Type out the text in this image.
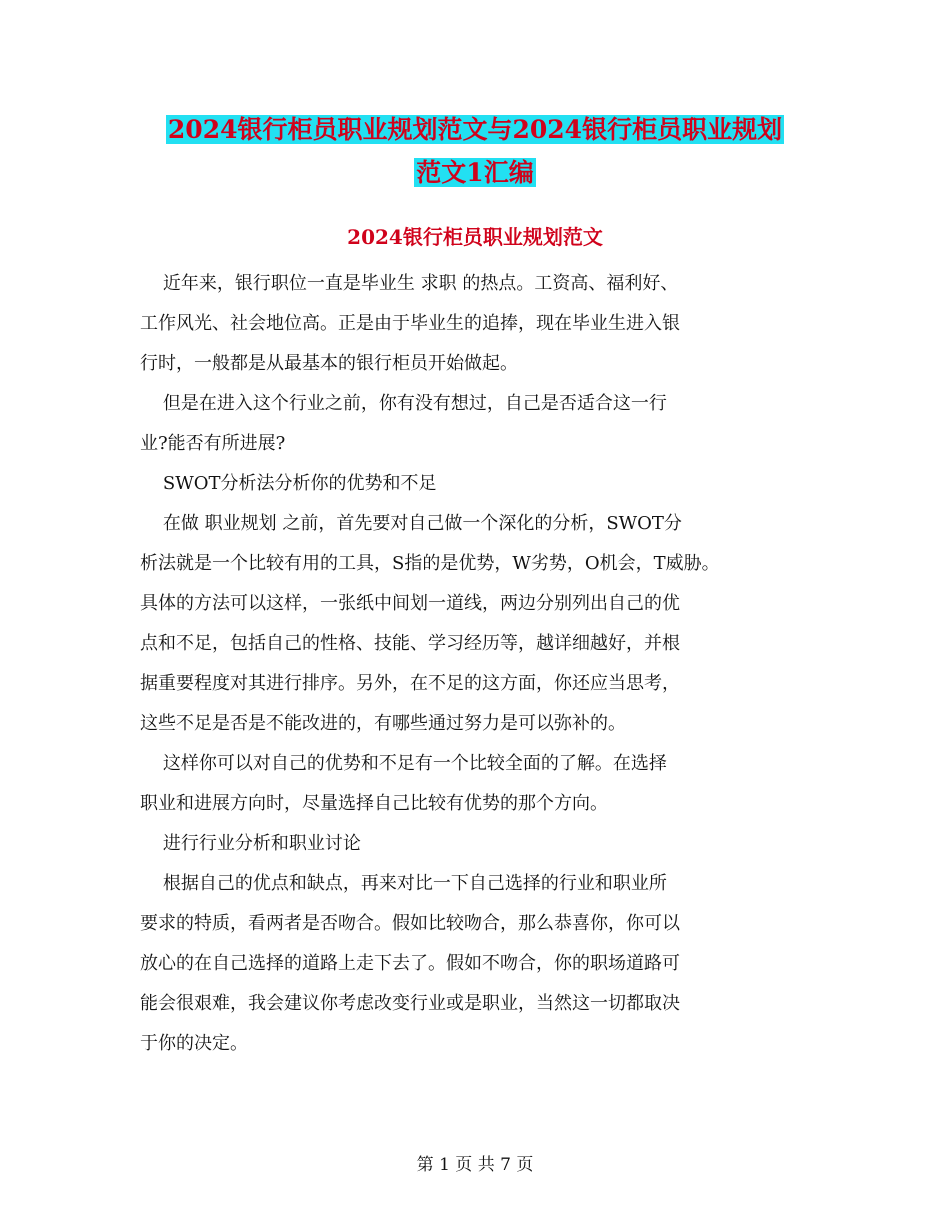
2024银行柜员职业规划范文与2024银行柜员职业规划
范文1汇编
2024银行柜员职业规划范文

近年来，银行职位一直是毕业生 求职 的热点。工资高、福利好、

工作风光、社会地位高。正是由于毕业生的追捧，现在毕业生进入银

行时，一般都是从最基本的银行柜员开始做起。

但是在进入这个行业之前，你有没有想过，自己是否适合这一行

业?能否有所进展?

SWOT分析法分析你的优势和不足

在做 职业规划 之前，首先要对自己做一个深化的分析，SWOT分

析法就是一个比较有用的工具，S指的是优势，W劣势，O机会，T威胁。

具体的方法可以这样，一张纸中间划一道线，两边分别列出自己的优

点和不足，包括自己的性格、技能、学习经历等，越详细越好，并根

据重要程度对其进行排序。另外，在不足的这方面，你还应当思考，

这些不足是否是不能改进的，有哪些通过努力是可以弥补的。

这样你可以对自己的优势和不足有一个比较全面的了解。在选择

职业和进展方向时，尽量选择自己比较有优势的那个方向。

进行行业分析和职业讨论

根据自己的优点和缺点，再来对比一下自己选择的行业和职业所

要求的特质，看两者是否吻合。假如比较吻合，那么恭喜你，你可以

放心的在自己选择的道路上走下去了。假如不吻合，你的职场道路可

能会很艰难，我会建议你考虑改变行业或是职业，当然这一切都取决

于你的决定。

第 1 页 共 7 页
